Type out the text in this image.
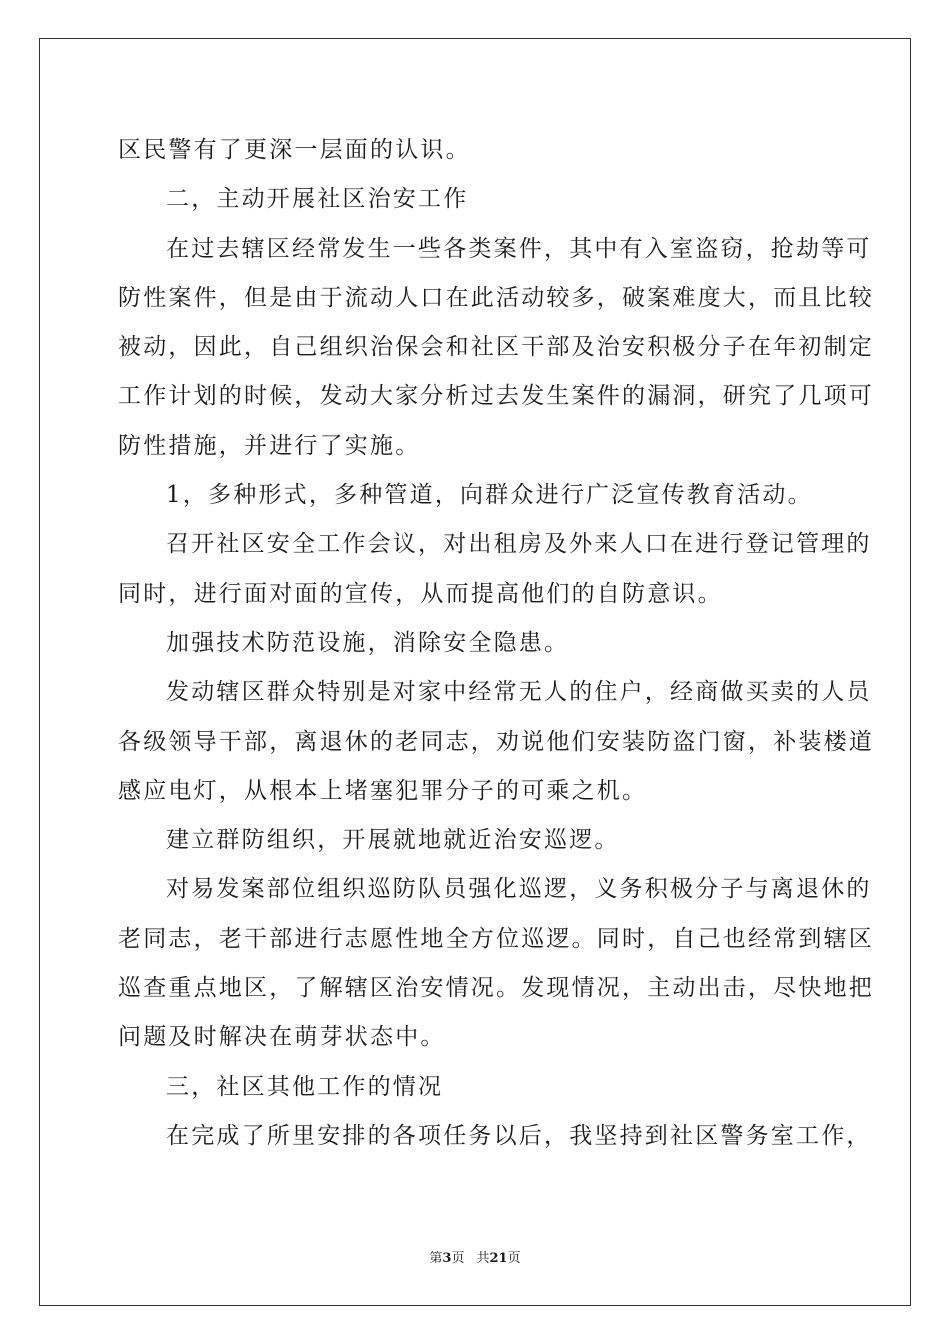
区民警有了更深一层面的认识。
二，主动开展社区治安工作
在过去辖区经常发生一些各类案件，其中有入室盗窃，抢劫等可
防性案件，但是由于流动人口在此活动较多，破案难度大，而且比较
被动，因此，自己组织治保会和社区干部及治安积极分子在年初制定
工作计划的时候，发动大家分析过去发生案件的漏洞，研究了几项可
防性措施，并进行了实施。
1，多种形式，多种管道，向群众进行广泛宣传教育活动。
召开社区安全工作会议，对出租房及外来人口在进行登记管理的
同时，进行面对面的宣传，从而提高他们的自防意识。
加强技术防范设施，消除安全隐患。
发动辖区群众特别是对家中经常无人的住户，经商做买卖的人员
各级领导干部，离退休的老同志，劝说他们安装防盗门窗，补装楼道
感应电灯，从根本上堵塞犯罪分子的可乘之机。
建立群防组织，开展就地就近治安巡逻。
对易发案部位组织巡防队员强化巡逻，义务积极分子与离退休的
老同志，老干部进行志愿性地全方位巡逻。同时，自己也经常到辖区
巡查重点地区，了解辖区治安情况。发现情况，主动出击，尽快地把
问题及时解决在萌芽状态中。
三，社区其他工作的情况
在完成了所里安排的各项任务以后，我坚持到社区警务室工作，
第3页 共21页
